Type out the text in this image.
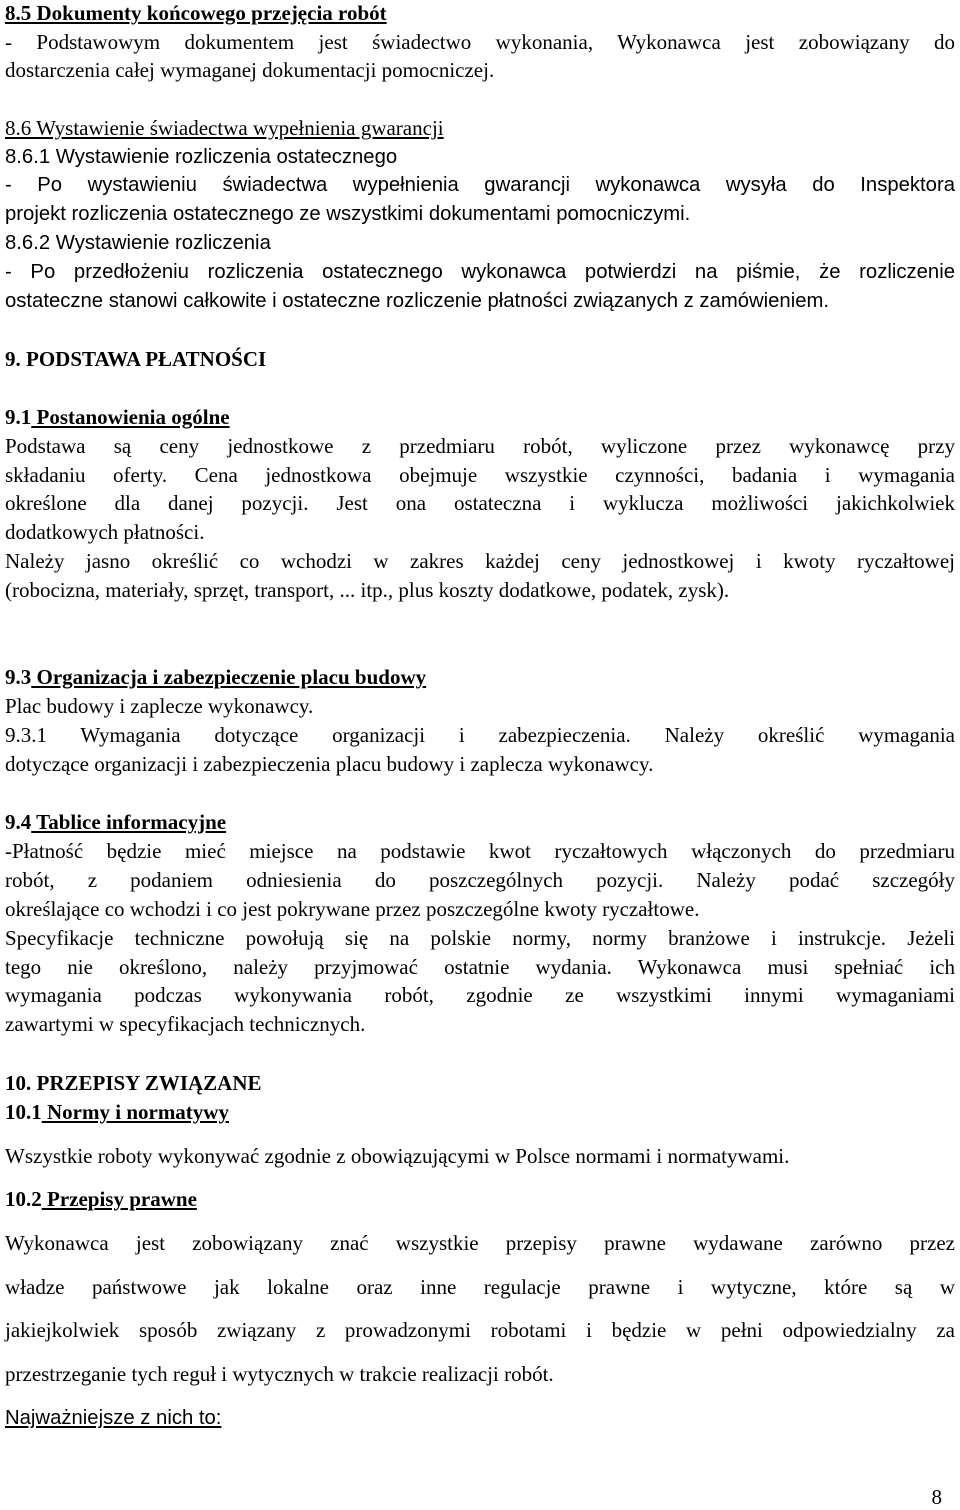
8.5 Dokumenty końcowego przejęcia robót
- Podstawowym dokumentem jest świadectwo wykonania, Wykonawca jest zobowiązany do
dostarczenia całej wymaganej dokumentacji pomocniczej.
8.6 Wystawienie świadectwa wypełnienia gwarancji
8.6.1 Wystawienie rozliczenia ostatecznego
- Po wystawieniu świadectwa wypełnienia gwarancji wykonawca wysyła do Inspektora
projekt rozliczenia ostatecznego ze wszystkimi dokumentami pomocniczymi.
8.6.2 Wystawienie rozliczenia
- Po przedłożeniu rozliczenia ostatecznego wykonawca potwierdzi na piśmie, że rozliczenie
ostateczne stanowi całkowite i ostateczne rozliczenie płatności związanych z zamówieniem.
9. PODSTAWA PŁATNOŚCI
9.1 Postanowienia ogólne
Podstawa są ceny jednostkowe z przedmiaru robót, wyliczone przez wykonawcę przy
składaniu oferty. Cena jednostkowa obejmuje wszystkie czynności, badania i wymagania
określone dla danej pozycji. Jest ona ostateczna i wyklucza możliwości jakichkolwiek
dodatkowych płatności.
Należy jasno określić co wchodzi w zakres każdej ceny jednostkowej i kwoty ryczałtowej
(robocizna, materiały, sprzęt, transport, ... itp., plus koszty dodatkowe, podatek, zysk).
9.3 Organizacja i zabezpieczenie placu budowy
Plac budowy i zaplecze wykonawcy.
9.3.1 Wymagania dotyczące organizacji i zabezpieczenia. Należy określić wymagania
dotyczące organizacji i zabezpieczenia placu budowy i zaplecza wykonawcy.
9.4 Tablice informacyjne
-Płatność będzie mieć miejsce na podstawie kwot ryczałtowych włączonych do przedmiaru
robót, z podaniem odniesienia do poszczególnych pozycji. Należy podać szczegóły
określające co wchodzi i co jest pokrywane przez poszczególne kwoty ryczałtowe.
Specyfikacje techniczne powołują się na polskie normy, normy branżowe i instrukcje. Jeżeli
tego nie określono, należy przyjmować ostatnie wydania. Wykonawca musi spełniać ich
wymagania podczas wykonywania robót, zgodnie ze wszystkimi innymi wymaganiami
zawartymi w specyfikacjach technicznych.
10. PRZEPISY ZWIĄZANE
10.1 Normy i normatywy
Wszystkie roboty wykonywać zgodnie z obowiązującymi w Polsce normami i normatywami.
10.2 Przepisy prawne
Wykonawca jest zobowiązany znać wszystkie przepisy prawne wydawane zarówno przez
władze państwowe jak lokalne oraz inne regulacje prawne i wytyczne, które są w
jakiejkolwiek sposób związany z prowadzonymi robotami i będzie w pełni odpowiedzialny za
przestrzeganie tych reguł i wytycznych w trakcie realizacji robót.
Najważniejsze z nich to:
8
